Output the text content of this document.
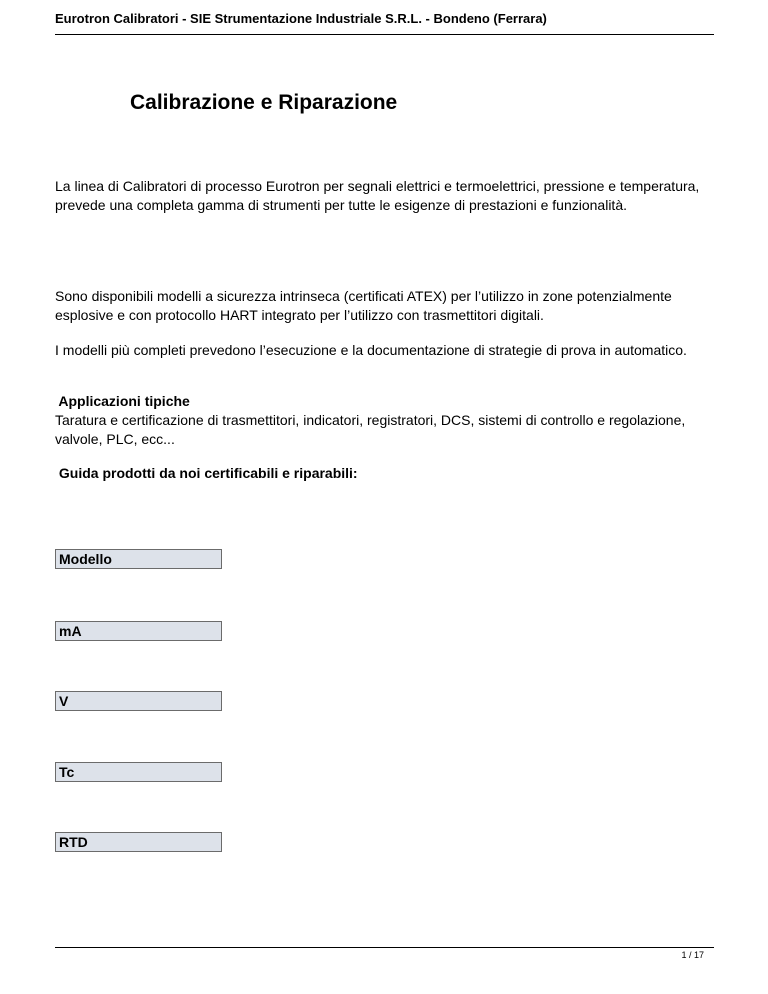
Eurotron Calibratori - SIE Strumentazione Industriale S.R.L. - Bondeno (Ferrara)
Calibrazione e Riparazione

La linea di Calibratori di processo Eurotron per segnali elettrici e termoelettrici, pressione e temperatura, prevede una completa gamma di strumenti per tutte le esigenze di prestazioni e funzionalità.

Sono disponibili modelli a sicurezza intrinseca (certificati ATEX) per l’utilizzo in zone potenzialmente esplosive e con protocollo HART integrato per l’utilizzo con trasmettitori digitali.

I modelli più completi prevedono l’esecuzione e la documentazione di strategie di prova in automatico.

Applicazioni tipiche

Taratura e certificazione di trasmettitori, indicatori, registratori, DCS, sistemi di controllo e regolazione, valvole, PLC, ecc...

Guida prodotti da noi certificabili e riparabili:
Modello
mA
V
Tc
RTD
1 / 17
